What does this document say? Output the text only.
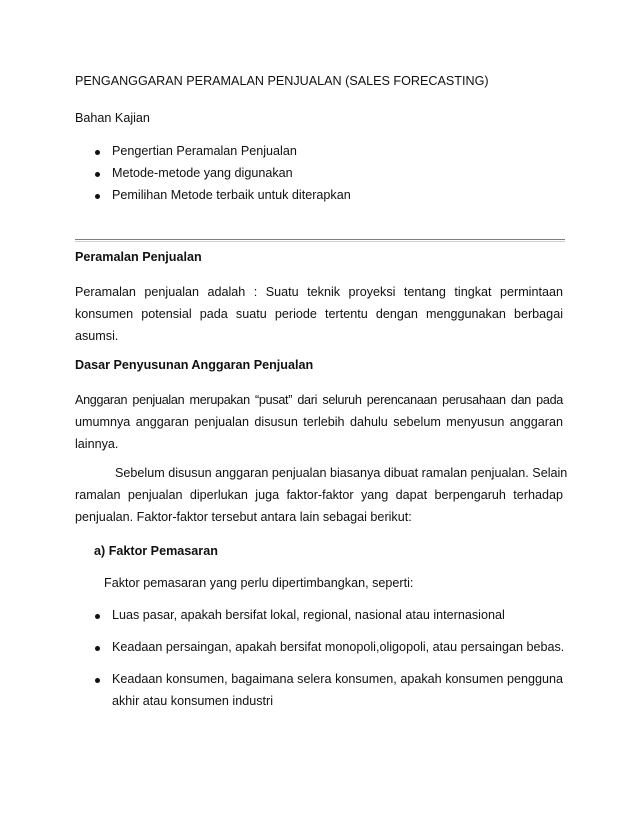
PENGANGGARAN PERAMALAN PENJUALAN (SALES FORECASTING)
Bahan Kajian
Pengertian Peramalan Penjualan
Metode-metode yang digunakan
Pemilihan Metode terbaik untuk diterapkan
Peramalan Penjualan
Peramalan penjualan adalah : Suatu teknik proyeksi tentang tingkat permintaan
konsumen potensial pada suatu periode tertentu dengan menggunakan berbagai
asumsi.
Dasar Penyusunan Anggaran Penjualan
Anggaran penjualan merupakan “pusat” dari seluruh perencanaan perusahaan dan pada
umumnya anggaran penjualan disusun terlebih dahulu sebelum menyusun anggaran
lainnya.
Sebelum disusun anggaran penjualan biasanya dibuat ramalan penjualan. Selain
ramalan penjualan diperlukan juga faktor-faktor yang dapat berpengaruh terhadap
penjualan. Faktor-faktor tersebut antara lain sebagai berikut:
a) Faktor Pemasaran
Faktor pemasaran yang perlu dipertimbangkan, seperti:
Luas pasar, apakah bersifat lokal, regional, nasional atau internasional
Keadaan persaingan, apakah bersifat monopoli,oligopoli, atau persaingan bebas.
Keadaan konsumen, bagaimana selera konsumen, apakah konsumen pengguna
akhir atau konsumen industri
